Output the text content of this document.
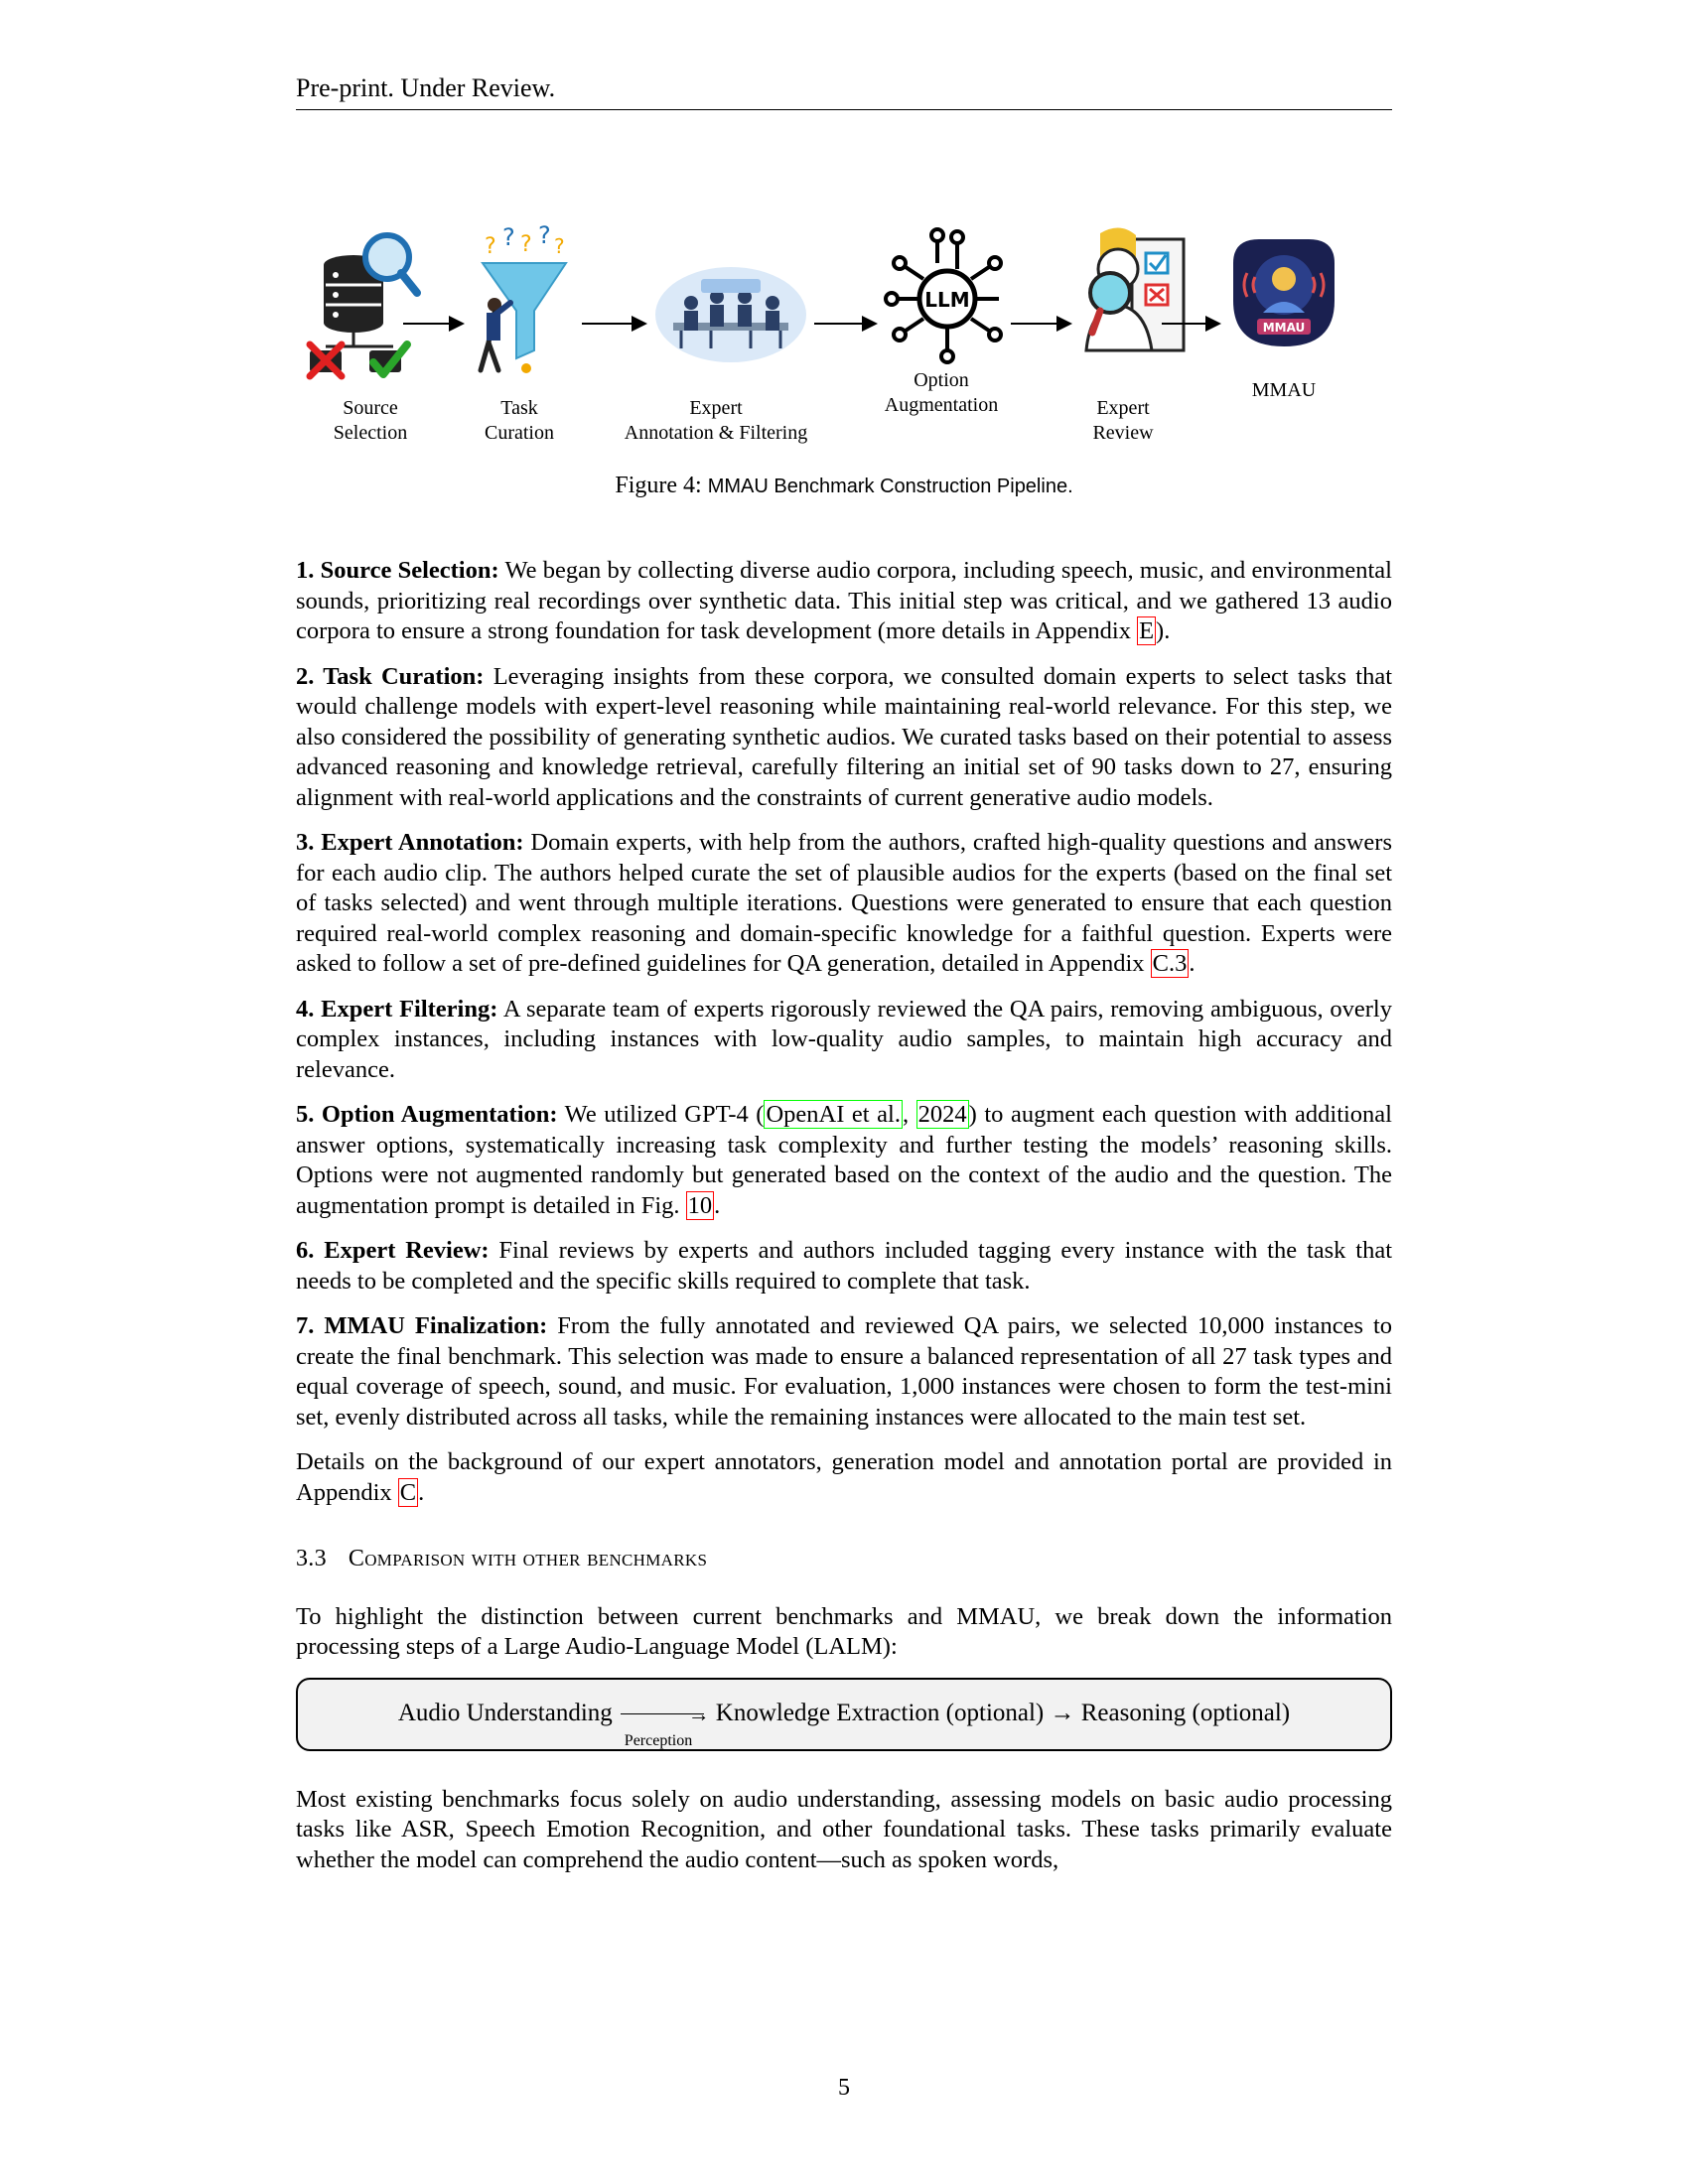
Pre-print. Under Review.
Source
Selection
? ? ? ? ?
Task
Curation
Expert
Annotation & Filtering
LLM
Option
Augmentation	Expert
Review
MMAU
MMAU
Figure 4: MMAU Benchmark Construction Pipeline.

1. Source Selection: We began by collecting diverse audio corpora, including speech, music, and environmental sounds, prioritizing real recordings over synthetic data. This initial step was critical, and we gathered 13 audio corpora to ensure a strong foundation for task development (more details in Appendix E).

2. Task Curation: Leveraging insights from these corpora, we consulted domain experts to select tasks that would challenge models with expert-level reasoning while maintaining real-world relevance. For this step, we also considered the possibility of generating synthetic audios. We curated tasks based on their potential to assess advanced reasoning and knowledge retrieval, carefully filtering an initial set of 90 tasks down to 27, ensuring alignment with real-world applications and the constraints of current generative audio models.

3. Expert Annotation: Domain experts, with help from the authors, crafted high-quality questions and answers for each audio clip. The authors helped curate the set of plausible audios for the experts (based on the final set of tasks selected) and went through multiple iterations. Questions were generated to ensure that each question required real-world complex reasoning and domain-specific knowledge for a faithful question. Experts were asked to follow a set of pre-defined guidelines for QA generation, detailed in Appendix C.3.

4. Expert Filtering: A separate team of experts rigorously reviewed the QA pairs, removing ambiguous, overly complex instances, including instances with low-quality audio samples, to maintain high accuracy and relevance.

5. Option Augmentation: We utilized GPT-4 (OpenAI et al., 2024) to augment each question with additional answer options, systematically increasing task complexity and further testing the models’ reasoning skills. Options were not augmented randomly but generated based on the context of the audio and the question. The augmentation prompt is detailed in Fig. 10.

6. Expert Review: Final reviews by experts and authors included tagging every instance with the task that needs to be completed and the specific skills required to complete that task.

7. MMAU Finalization: From the fully annotated and reviewed QA pairs, we selected 10,000 instances to create the final benchmark. This selection was made to ensure a balanced representation of all 27 task types and equal coverage of speech, sound, and music. For evaluation, 1,000 instances were chosen to form the test-mini set, evenly distributed across all tasks, while the remaining instances were allocated to the main test set.

Details on the background of our expert annotators, generation model and annotation portal are provided in Appendix C.

3.3 Comparison with other benchmarks

To highlight the distinction between current benchmarks and MMAU, we break down the information processing steps of a Large Audio-Language Model (LALM):

Audio Understanding	→
Perception
Knowledge Extraction (optional) → Reasoning (optional)

Most existing benchmarks focus solely on audio understanding, assessing models on basic audio processing tasks like ASR, Speech Emotion Recognition, and other foundational tasks. These tasks primarily evaluate whether the model can comprehend the audio content—such as spoken words,

5
